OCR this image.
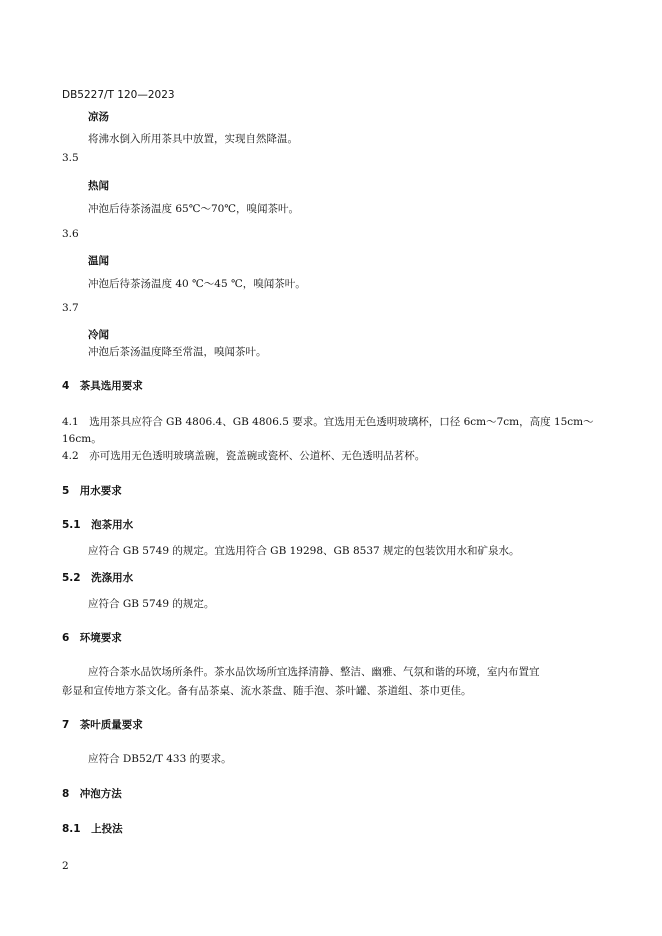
DB5227/T 120—2023
凉汤
将沸水倒入所用茶具中放置，实现自然降温。
3.5
热闻
冲泡后待茶汤温度 65℃～70℃，嗅闻茶叶。
3.6
温闻
冲泡后待茶汤温度 40 ℃～45 ℃，嗅闻茶叶。
3.7
冷闻
冲泡后茶汤温度降至常温，嗅闻茶叶。
4　茶具选用要求
4.1　选用茶具应符合 GB 4806.4、GB 4806.5 要求。宜选用无色透明玻璃杯，口径 6cm～7cm，高度 15cm～
16cm。
4.2　亦可选用无色透明玻璃盖碗，瓷盖碗或瓷杯、公道杯、无色透明品茗杯。
5　用水要求
5.1　泡茶用水
应符合 GB 5749 的规定。宜选用符合 GB 19298、GB 8537 规定的包装饮用水和矿泉水。
5.2　洗涤用水
应符合 GB 5749 的规定。
6　环境要求
应符合茶水品饮场所条件。茶水品饮场所宜选择清静、整洁、幽雅、气氛和谐的环境，室内布置宜
彰显和宣传地方茶文化。备有品茶桌、流水茶盘、随手泡、茶叶罐、茶道组、茶巾更佳。
7　茶叶质量要求
应符合 DB52/T 433 的要求。
8　冲泡方法
8.1　上投法
2
